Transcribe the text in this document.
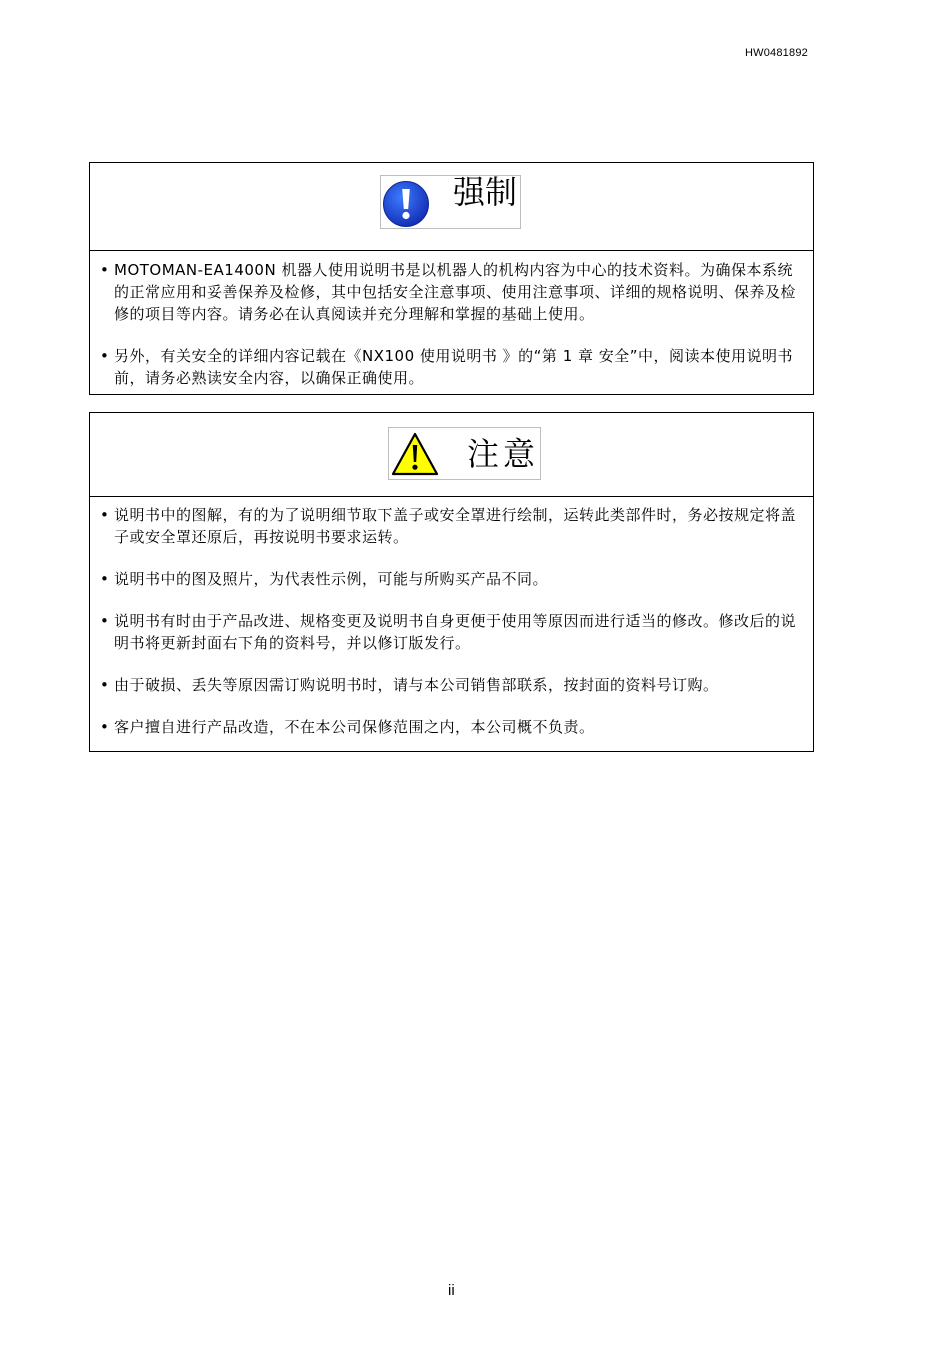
HW0481892
强制
• MOTOMAN-EA1400N 机器人使用说明书是以机器人的机构内容为中心的技术资料。为确保本系统的正常应用和妥善保养及检修，其中包括安全注意事项、使用注意事项、详细的规格说明、保养及检修的项目等内容。请务必在认真阅读并充分理解和掌握的基础上使用。
• 另外，有关安全的详细内容记载在《NX100 使用说明书 》的“第 1 章 安全”中，阅读本使用说明书前，请务必熟读安全内容，以确保正确使用。
注意
• 说明书中的图解，有的为了说明细节取下盖子或安全罩进行绘制，运转此类部件时，务必按规定将盖子或安全罩还原后，再按说明书要求运转。
• 说明书中的图及照片，为代表性示例，可能与所购买产品不同。
• 说明书有时由于产品改进、规格变更及说明书自身更便于使用等原因而进行适当的修改。修改后的说明书将更新封面右下角的资料号，并以修订版发行。
• 由于破损、丢失等原因需订购说明书时，请与本公司销售部联系，按封面的资料号订购。
• 客户擅自进行产品改造，不在本公司保修范围之内，本公司概不负责。
ii
